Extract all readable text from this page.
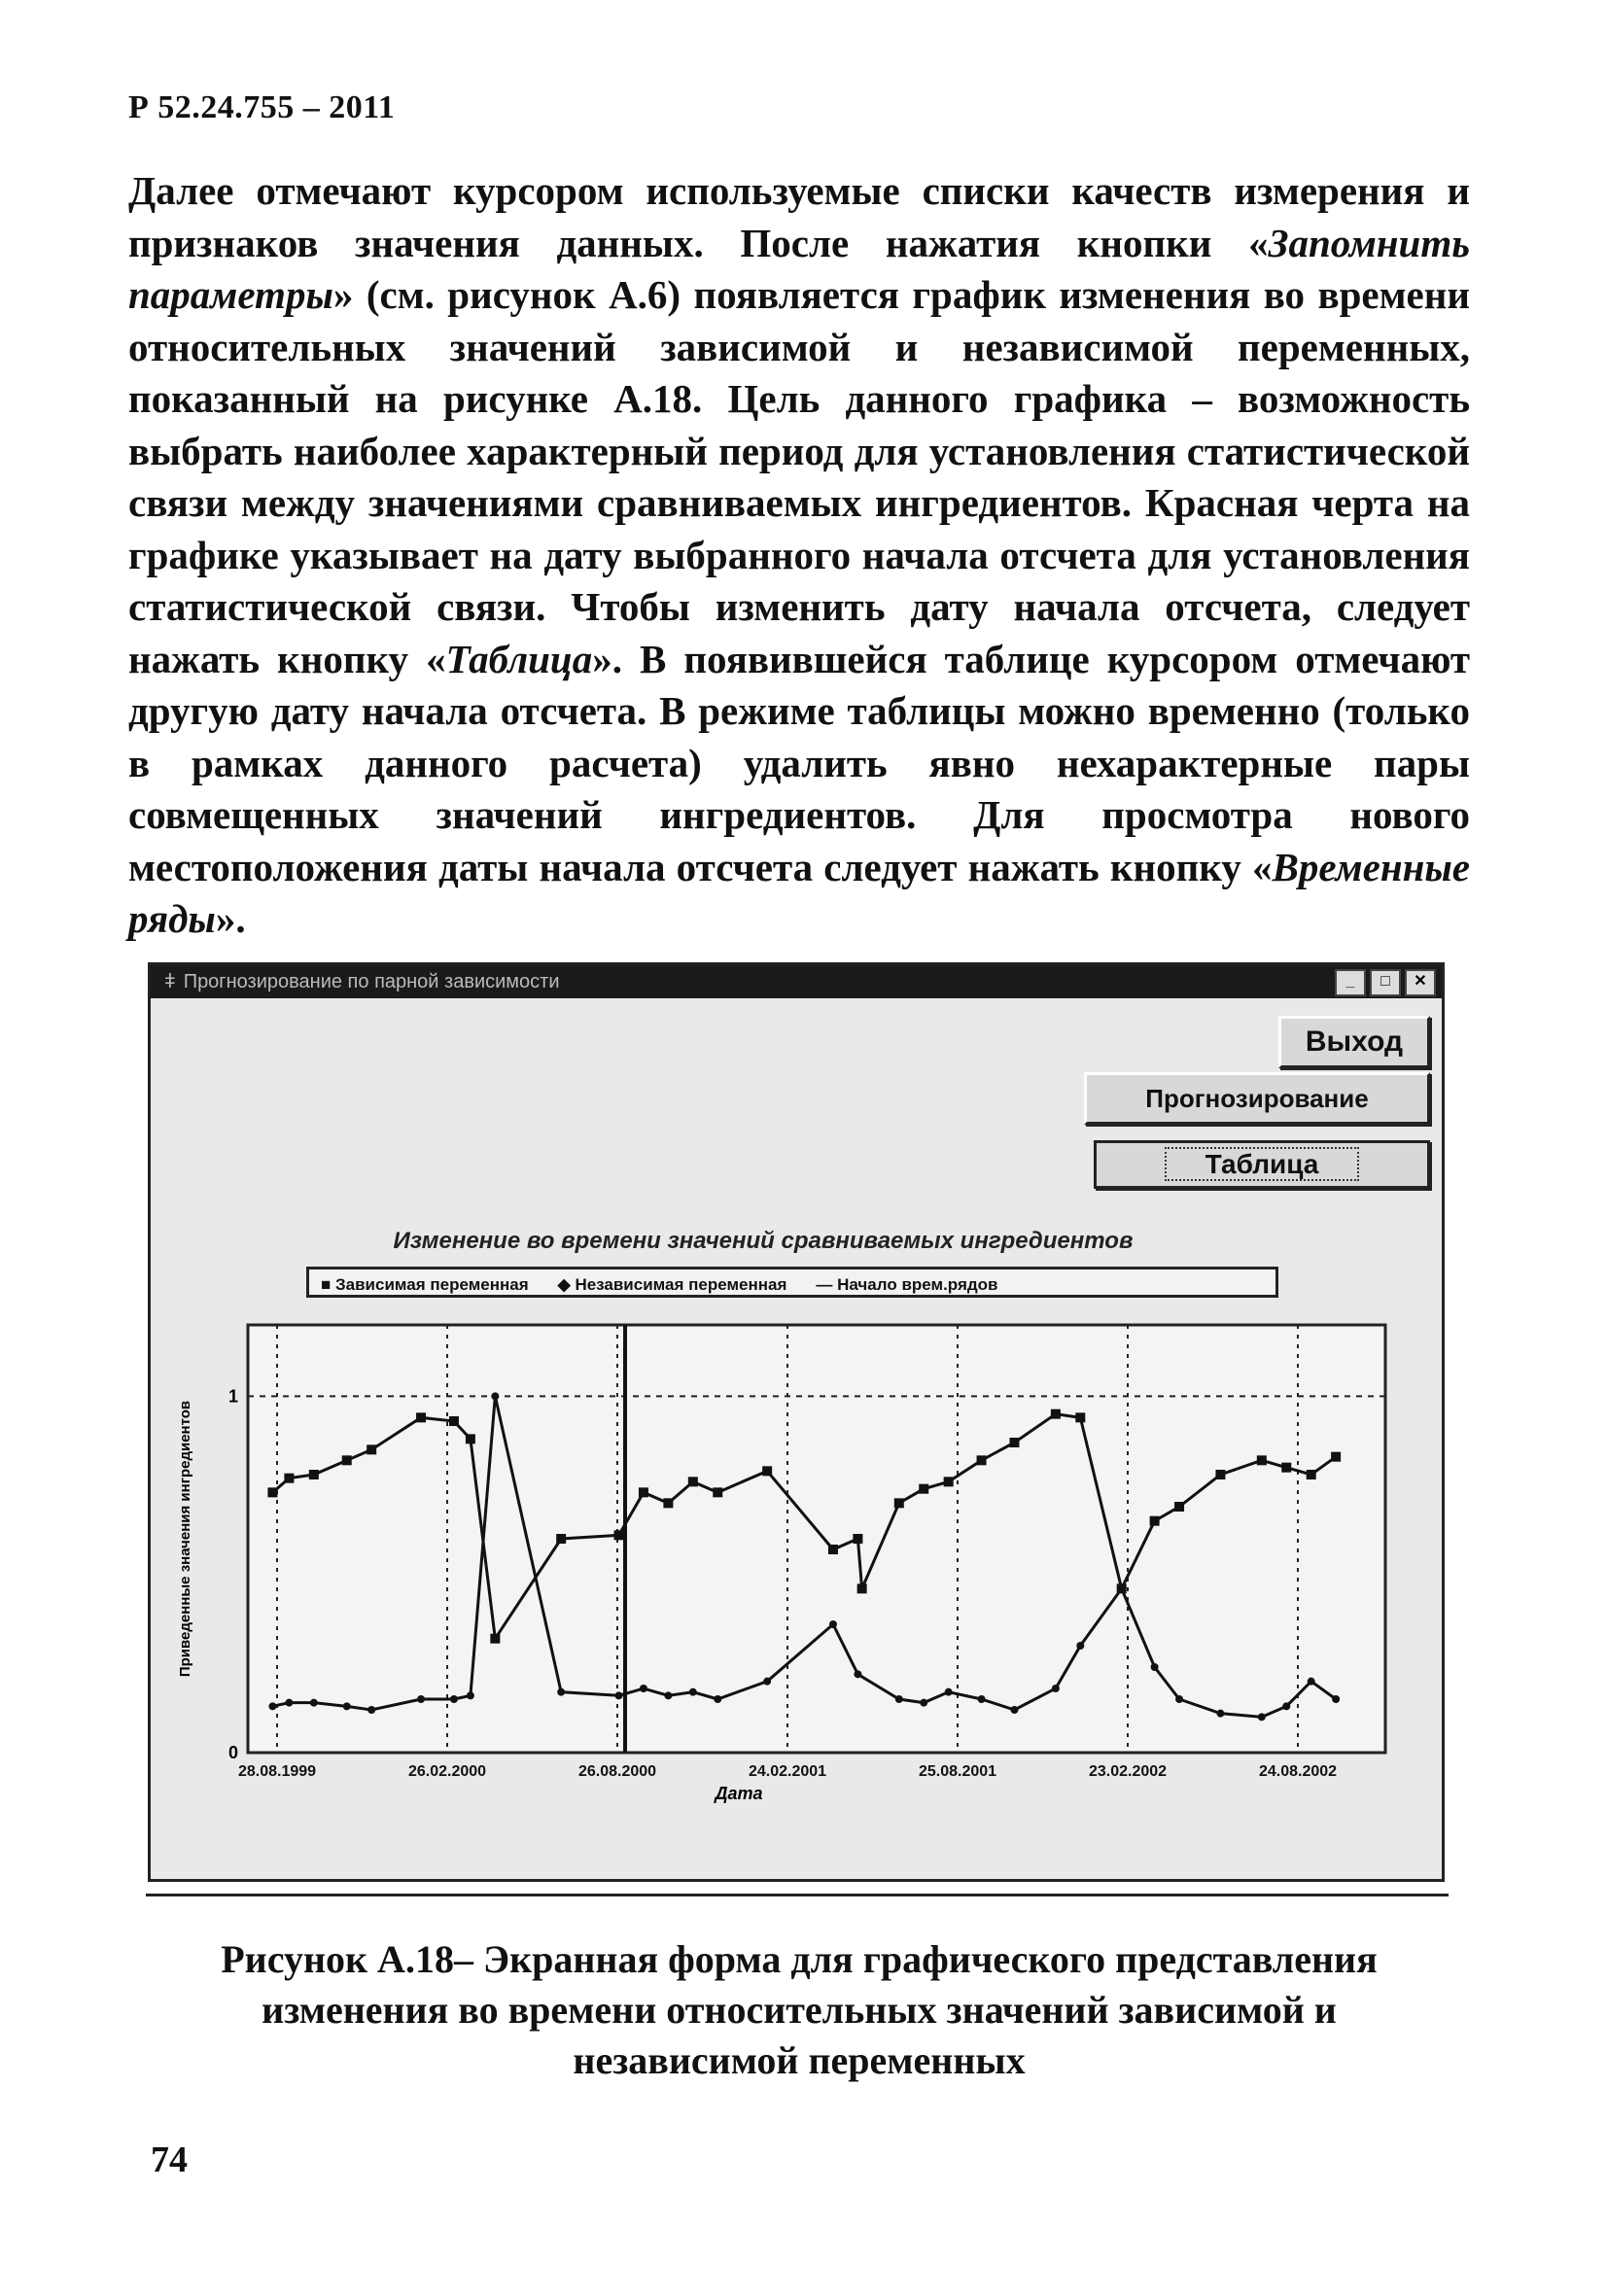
Р 52.24.755 – 2011

Далее отмечают курсором используемые списки качеств измерения и признаков значения данных. После нажатия кнопки «Запомнить параметры» (см. рисунок А.6) появляется график изменения во времени относительных значений зависимой и независимой переменных, показанный на рисунке А.18. Цель данного графика – возможность выбрать наиболее характерный период для установления статистической связи между значениями сравниваемых ингредиентов. Красная черта на графике указывает на дату выбранного начала отсчета для установления статистической связи. Чтобы изменить дату начала отсчета, следует нажать кнопку «Таблица». В появившейся таблице курсором отмечают другую дату начала отсчета. В режиме таблицы можно временно (только в рамках данного расчета) удалить явно нехарактерные пары совмещенных значений ингредиентов. Для просмотра нового местоположения даты начала отсчета следует нажать кнопку «Временные ряды».

ǂ Прогнозирование по парной зависимости	_	□	✕
Выход
Прогнозирование
Таблица
Изменение во времени значений сравниваемых ингредиентов
■ Зависимая переменная ◆ Независимая переменная — Начало врем.рядов
28.08.1999	26.02.2000	26.08.2000	24.02.2001	25.08.2001	23.02.2002	24.08.2002
0
1
Дата
Приведенные значения ингредиентов

Рисунок А.18– Экранная форма для графического представления

изменения во времени относительных значений зависимой и

независимой переменных

74
